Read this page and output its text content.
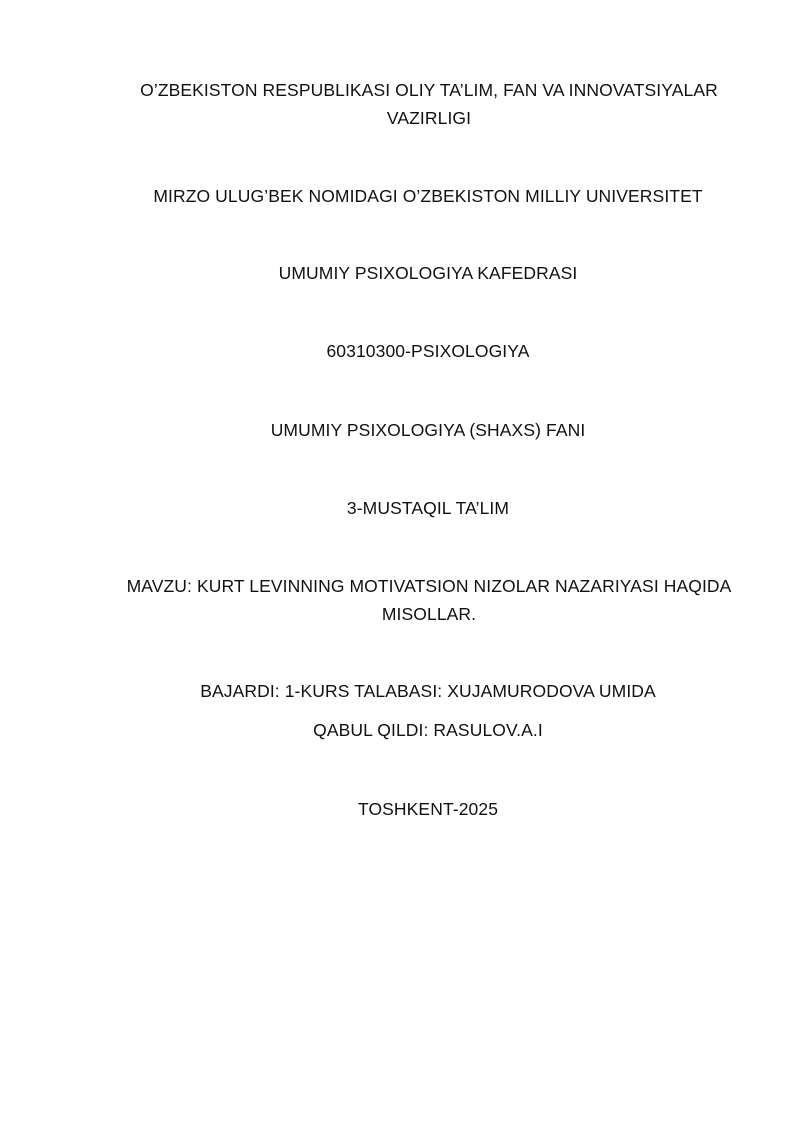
O’ZBEKISTON RESPUBLIKASI OLIY TA’LIM, FAN VA INNOVATSIYALAR VAZIRLIGI
MIRZO ULUG’BEK NOMIDAGI O’ZBEKISTON MILLIY UNIVERSITET
UMUMIY PSIXOLOGIYA KAFEDRASI
60310300-PSIXOLOGIYA
UMUMIY PSIXOLOGIYA (SHAXS) FANI
3-MUSTAQIL TA’LIM
MAVZU: KURT LEVINNING MOTIVATSION NIZOLAR NAZARIYASI HAQIDA MISOLLAR.
BAJARDI: 1-KURS TALABASI: XUJAMURODOVA UMIDA
QABUL QILDI: RASULOV.A.I
TOSHKENT-2025
